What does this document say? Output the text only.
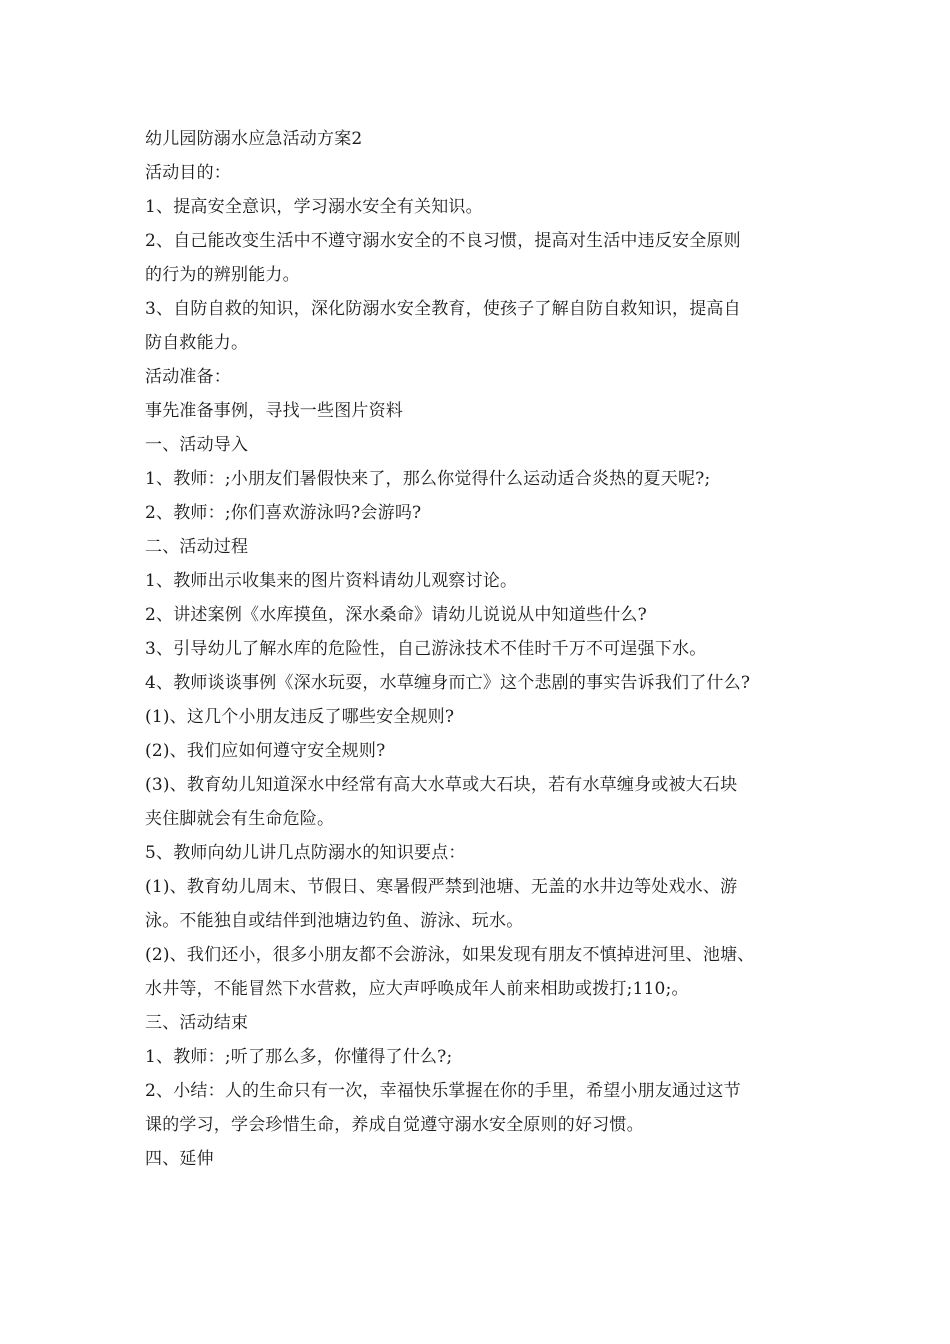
幼儿园防溺水应急活动方案2
活动目的：
1、提高安全意识，学习溺水安全有关知识。
2、自己能改变生活中不遵守溺水安全的不良习惯，提高对生活中违反安全原则
的行为的辨别能力。
3、自防自救的知识，深化防溺水安全教育，使孩子了解自防自救知识，提高自
防自救能力。
活动准备：
事先准备事例，寻找一些图片资料
一、活动导入
1、教师：;小朋友们暑假快来了，那么你觉得什么运动适合炎热的夏天呢?;
2、教师：;你们喜欢游泳吗?会游吗?
二、活动过程
1、教师出示收集来的图片资料请幼儿观察讨论。
2、讲述案例《水库摸鱼，深水桑命》请幼儿说说从中知道些什么?
3、引导幼儿了解水库的危险性，自己游泳技术不佳时千万不可逞强下水。
4、教师谈谈事例《深水玩耍，水草缠身而亡》这个悲剧的事实告诉我们了什么?
(1)、这几个小朋友违反了哪些安全规则?
(2)、我们应如何遵守安全规则?
(3)、教育幼儿知道深水中经常有高大水草或大石块，若有水草缠身或被大石块
夹住脚就会有生命危险。
5、教师向幼儿讲几点防溺水的知识要点：
(1)、教育幼儿周末、节假日、寒暑假严禁到池塘、无盖的水井边等处戏水、游
泳。不能独自或结伴到池塘边钓鱼、游泳、玩水。
(2)、我们还小，很多小朋友都不会游泳，如果发现有朋友不慎掉进河里、池塘、
水井等，不能冒然下水营救，应大声呼唤成年人前来相助或拨打;110;。
三、活动结束
1、教师：;听了那么多，你懂得了什么?;
2、小结：人的生命只有一次，幸福快乐掌握在你的手里，希望小朋友通过这节
课的学习，学会珍惜生命，养成自觉遵守溺水安全原则的好习惯。
四、延伸
